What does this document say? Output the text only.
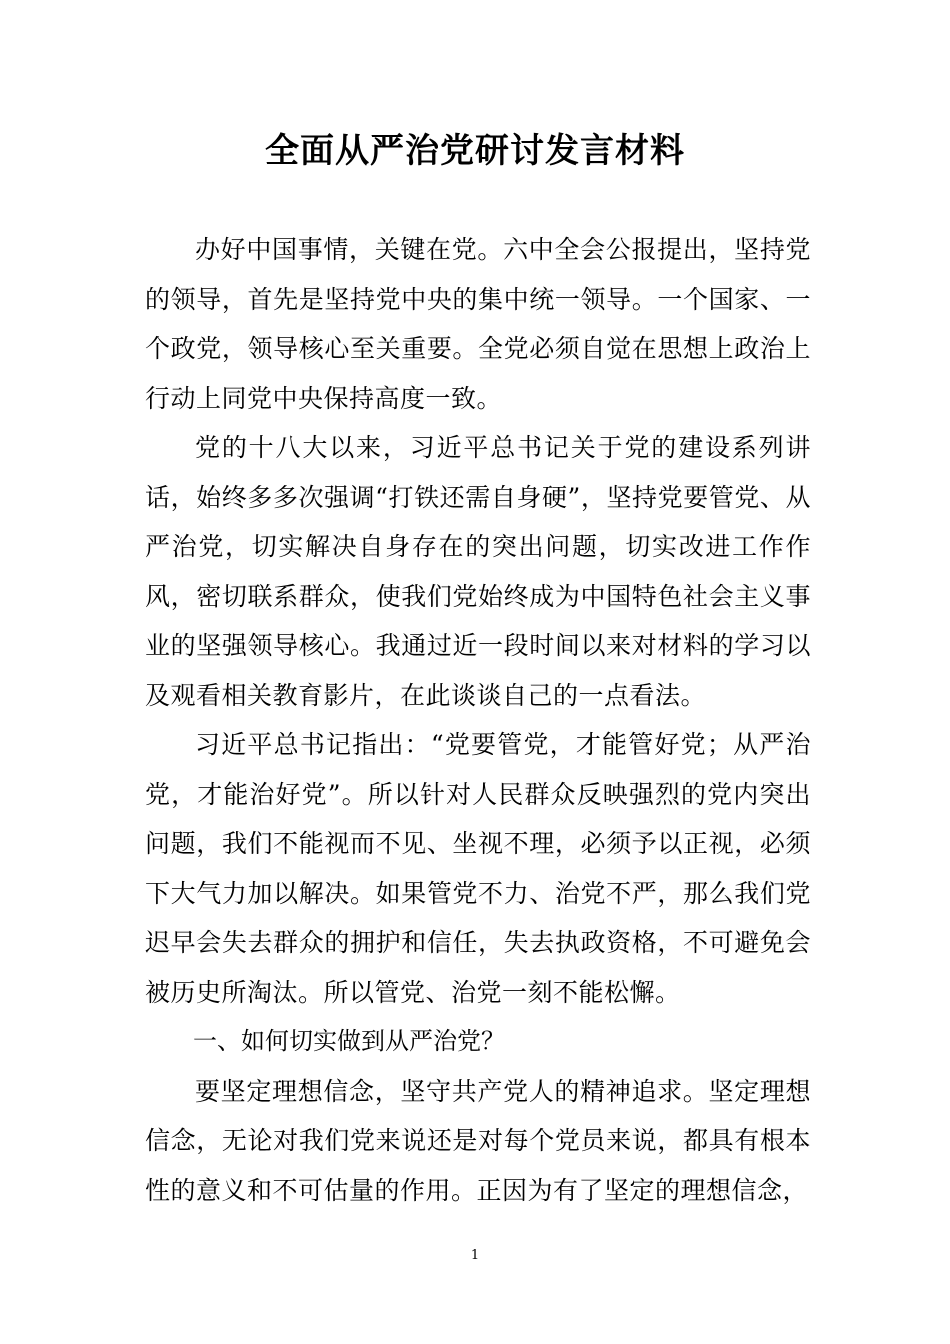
全面从严治党研讨发言材料

办好中国事情，关键在党。六中全会公报提出，坚持党的领导，首先是坚持党中央的集中统一领导。一个国家、一个政党，领导核心至关重要。全党必须自觉在思想上政治上行动上同党中央保持高度一致。

党的十八大以来，习近平总书记关于党的建设系列讲话，始终多多次强调“打铁还需自身硬”，坚持党要管党、从严治党，切实解决自身存在的突出问题，切实改进工作作风，密切联系群众，使我们党始终成为中国特色社会主义事业的坚强领导核心。我通过近一段时间以来对材料的学习以及观看相关教育影片，在此谈谈自己的一点看法。

习近平总书记指出：“党要管党，才能管好党；从严治党，才能治好党”。所以针对人民群众反映强烈的党内突出问题，我们不能视而不见、坐视不理，必须予以正视，必须下大气力加以解决。如果管党不力、治党不严，那么我们党迟早会失去群众的拥护和信任，失去执政资格，不可避免会被历史所淘汰。所以管党、治党一刻不能松懈。

一、如何切实做到从严治党？

要坚定理想信念，坚守共产党人的精神追求。坚定理想信念，无论对我们党来说还是对每个党员来说，都具有根本性的意义和不可估量的作用。正因为有了坚定的理想信念，

1
